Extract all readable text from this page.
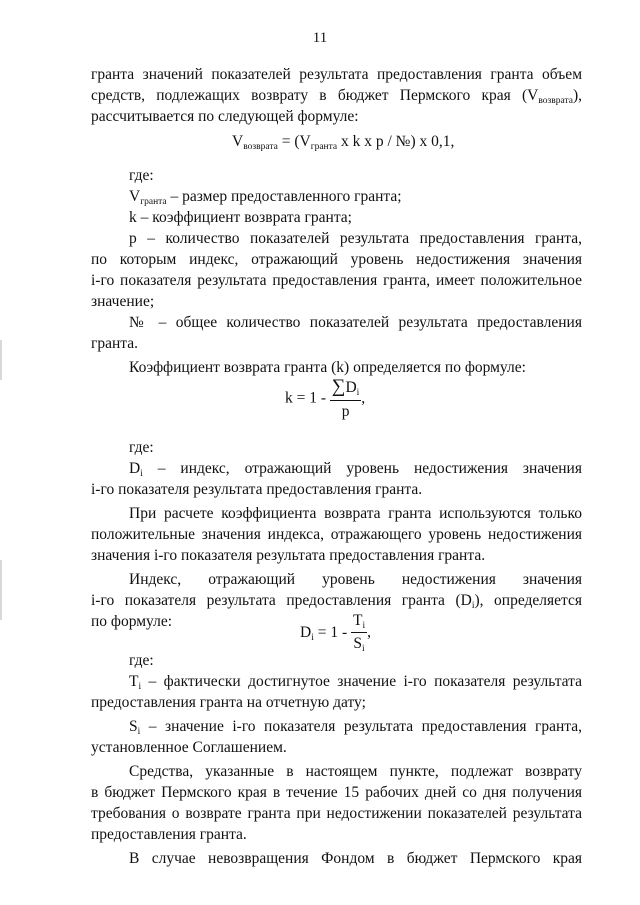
11
гранта значений показателей результата предоставления гранта объем
средств, подлежащих возврату в бюджет Пермского края $(V_{возврата})$,
рассчитывается по следующей формуле:
$V_{возврата} = (V_{гранта}$ x k x p / №) x 0,1,
где:
$V_{гранта}$ – размер предоставленного гранта;
k – коэффициент возврата гранта;
p – количество показателей результата предоставления гранта,
по которым индекс, отражающий уровень недостижения значения
i-го показателя результата предоставления гранта, имеет положительное
значение;
№ – общее количество показателей результата предоставления
гранта.
Коэффициент возврата гранта (k) определяется по формуле:
$k = 1 - \frac{\sum D_i}{p}$ ,
где:
$D_i$ – индекс, отражающий уровень недостижения значения
i-го показателя результата предоставления гранта.
При расчете коэффициента возврата гранта используются только
положительные значения индекса, отражающего уровень недостижения
значения i-го показателя результата предоставления гранта.
Индекс, отражающий уровень недостижения значения
i-го показателя результата предоставления гранта $(D_i)$, определяется
по формуле:
$D_i = 1 - \frac{T_i}{S_i}$ ,
где:
$T_i$ – фактически достигнутое значение i-го показателя результата
предоставления гранта на отчетную дату;
$S_i$ – значение i-го показателя результата предоставления гранта,
установленное Соглашением.
Средства, указанные в настоящем пункте, подлежат возврату
в бюджет Пермского края в течение 15 рабочих дней со дня получения
требования о возврате гранта при недостижении показателей результата
предоставления гранта.
В случае невозвращения Фондом в бюджет Пермского края
